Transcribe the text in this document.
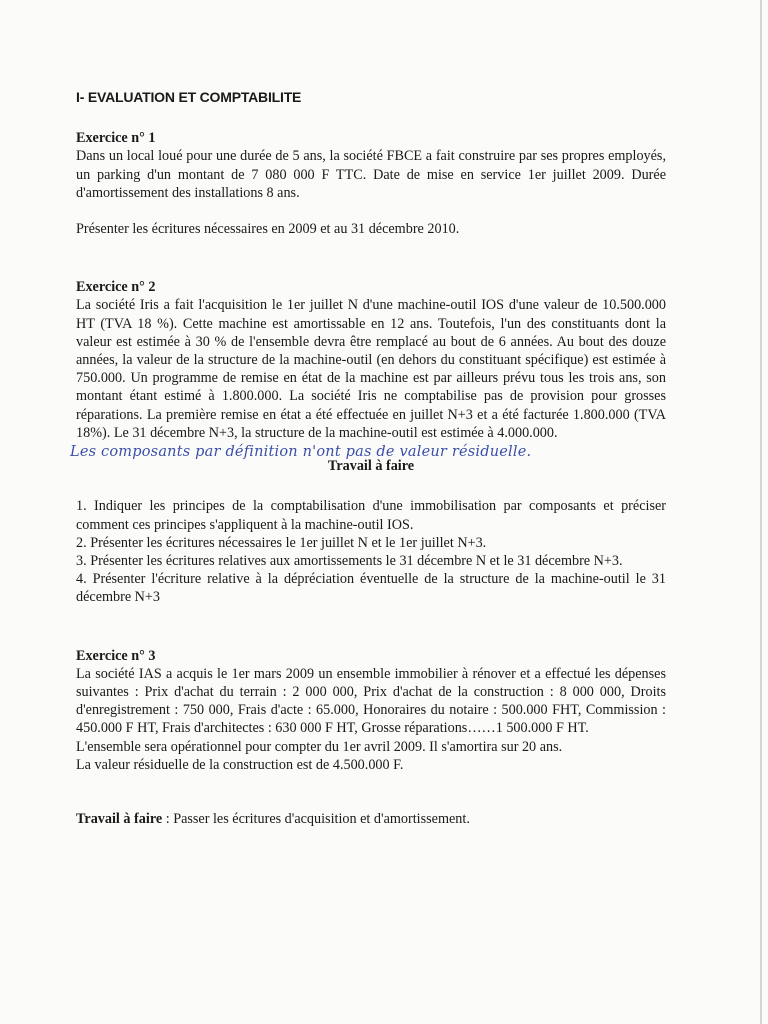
I- EVALUATION ET COMPTABILITE

Exercice n° 1

Dans un local loué pour une durée de 5 ans, la société FBCE a fait construire par ses propres employés, un parking d'un montant de 7 080 000 F TTC. Date de mise en service 1er juillet 2009. Durée d'amortissement des installations 8 ans.

Présenter les écritures nécessaires en 2009 et au 31 décembre 2010.

Exercice n° 2

La société Iris a fait l'acquisition le 1er juillet N d'une machine-outil IOS d'une valeur de 10.500.000 HT (TVA 18 %). Cette machine est amortissable en 12 ans. Toutefois, l'un des constituants dont la valeur est estimée à 30 % de l'ensemble devra être remplacé au bout de 6 années. Au bout des douze années, la valeur de la structure de la machine-outil (en dehors du constituant spécifique) est estimée à 750.000. Un programme de remise en état de la machine est par ailleurs prévu tous les trois ans, son montant étant estimé à 1.800.000. La société Iris ne comptabilise pas de provision pour grosses réparations. La première remise en état a été effectuée en juillet N+3 et a été facturée 1.800.000 (TVA 18%). Le 31 décembre N+3, la structure de la machine-outil est estimée à 4.000.000.

Les composants par définition n'ont pas de valeur résiduelle.

Travail à faire

1. Indiquer les principes de la comptabilisation d'une immobilisation par composants et préciser comment ces principes s'appliquent à la machine-outil IOS.

2. Présenter les écritures nécessaires le 1er juillet N et le 1er juillet N+3.

3. Présenter les écritures relatives aux amortissements le 31 décembre N et le 31 décembre N+3.

4. Présenter l'écriture relative à la dépréciation éventuelle de la structure de la machine-outil le 31 décembre N+3

Exercice n° 3

La société IAS a acquis le 1er mars 2009 un ensemble immobilier à rénover et a effectué les dépenses suivantes : Prix d'achat du terrain : 2 000 000, Prix d'achat de la construction : 8 000 000, Droits d'enregistrement : 750 000, Frais d'acte : 65.000, Honoraires du notaire : 500.000 FHT, Commission : 450.000 F HT, Frais d'architectes : 630 000 F HT, Grosse réparations……1 500.000 F HT.

L'ensemble sera opérationnel pour compter du 1er avril 2009. Il s'amortira sur 20 ans.

La valeur résiduelle de la construction est de 4.500.000 F.

Travail à faire : Passer les écritures d'acquisition et d'amortissement.
